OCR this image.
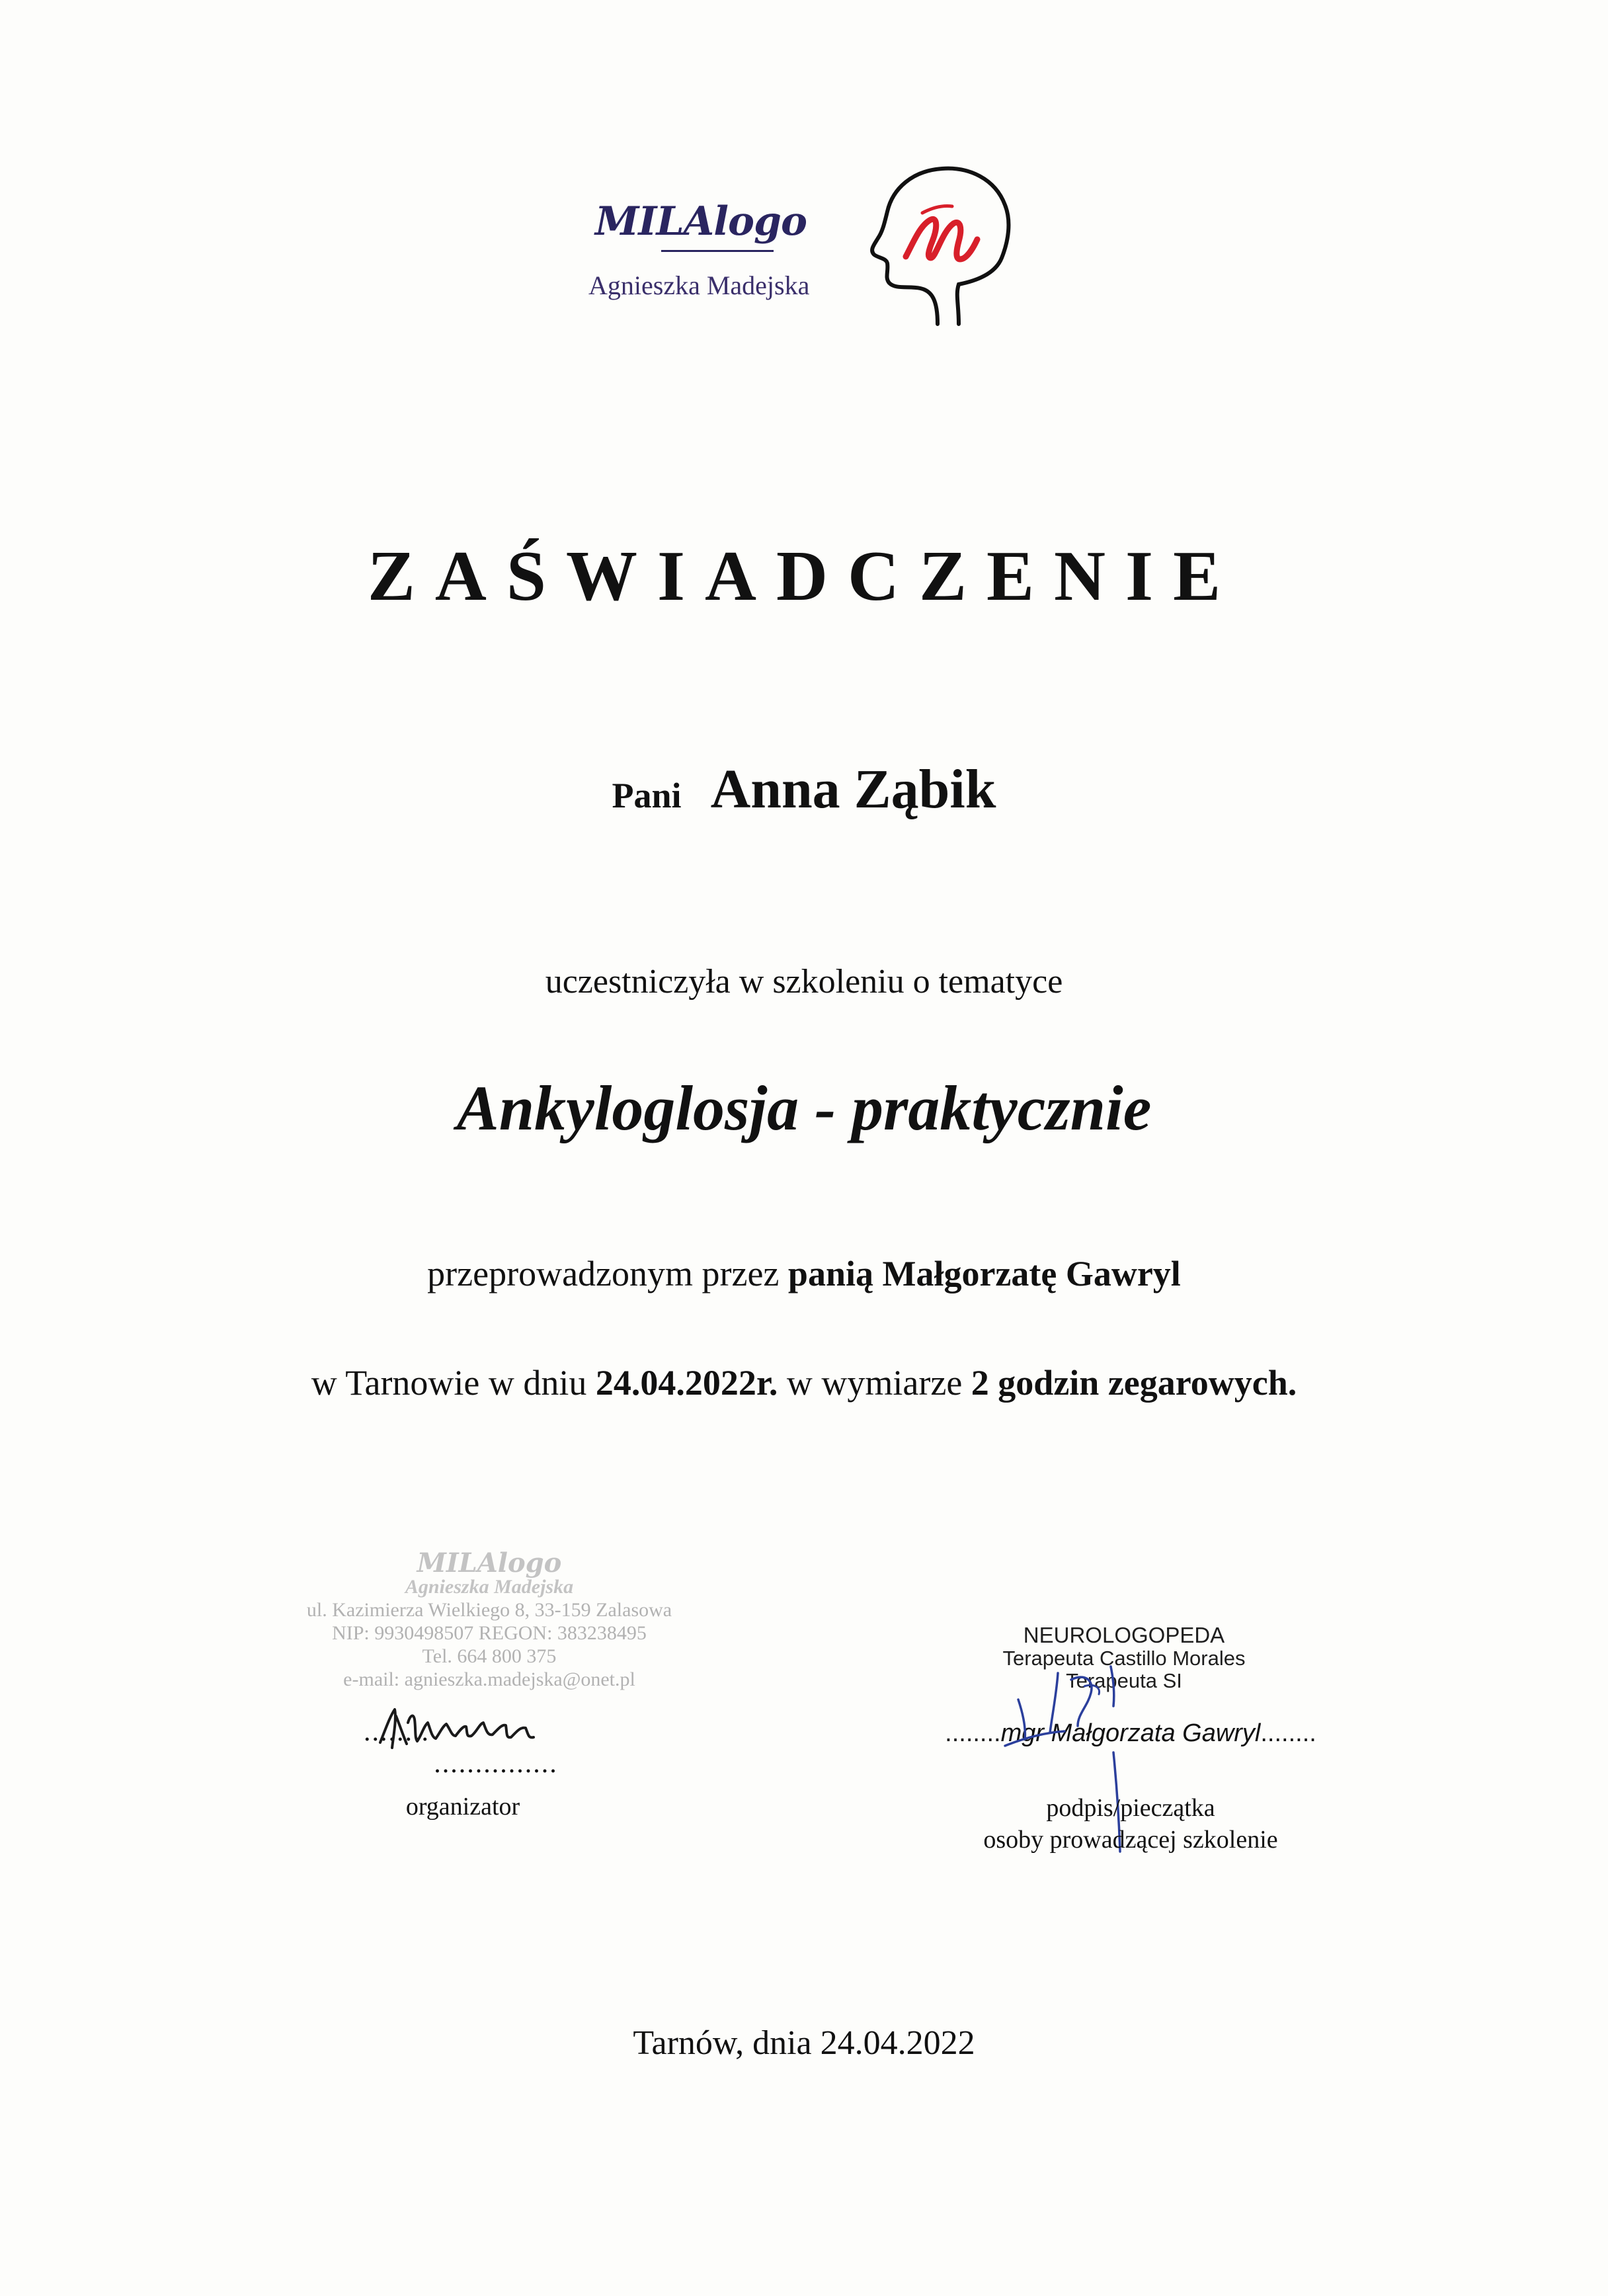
MILAlogo
Agnieszka Madejska
ZAŚWIADCZENIE
Pani Anna Ząbik
uczestniczyła w szkoleniu o tematyce
Ankyloglosja - praktycznie
przeprowadzonym przez panią Małgorzatę Gawryl
w Tarnowie w dniu 24.04.2022r. w wymiarze 2 godzin zegarowych.
MILAlogo
Agnieszka Madejska
ul. Kazimierza Wielkiego 8, 33-159 Zalasowa
NIP: 9930498507 REGON: 383238495
Tel. 664 800 375
e-mail: agnieszka.madejska@onet.pl
.......................
organizator
NEUROLOGOPEDA
Terapeuta Castillo Morales
Terapeuta SI
........mgr Małgorzata Gawryl........
podpis/pieczątka
osoby prowadzącej szkolenie
Tarnów, dnia 24.04.2022
